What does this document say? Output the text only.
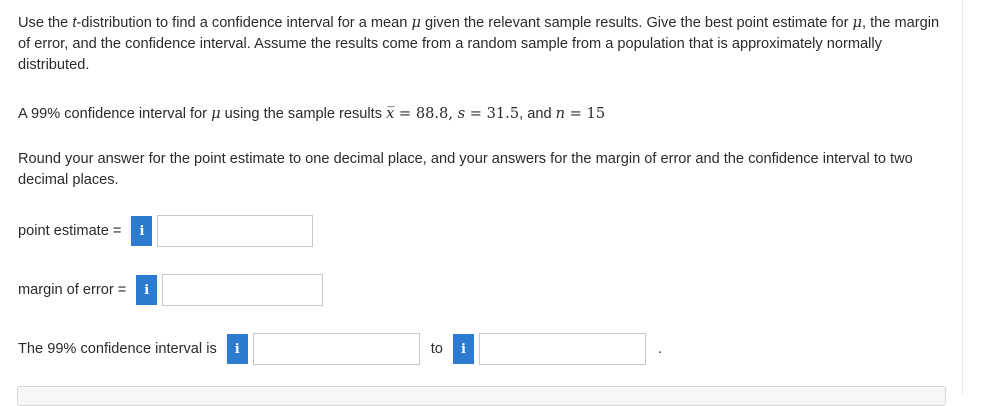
Use the t-distribution to find a confidence interval for a mean μ given the relevant sample results. Give the best point estimate for μ, the margin of error, and the confidence interval. Assume the results come from a random sample from a population that is approximately normally distributed.
A 99% confidence interval for μ using the sample results x̅ = 88.8, s = 31.5, and n = 15
Round your answer for the point estimate to one decimal place, and your answers for the margin of error and the confidence interval to two decimal places.
point estimate =	i
margin of error =	i
The 99% confidence interval is	i	to	i	.
